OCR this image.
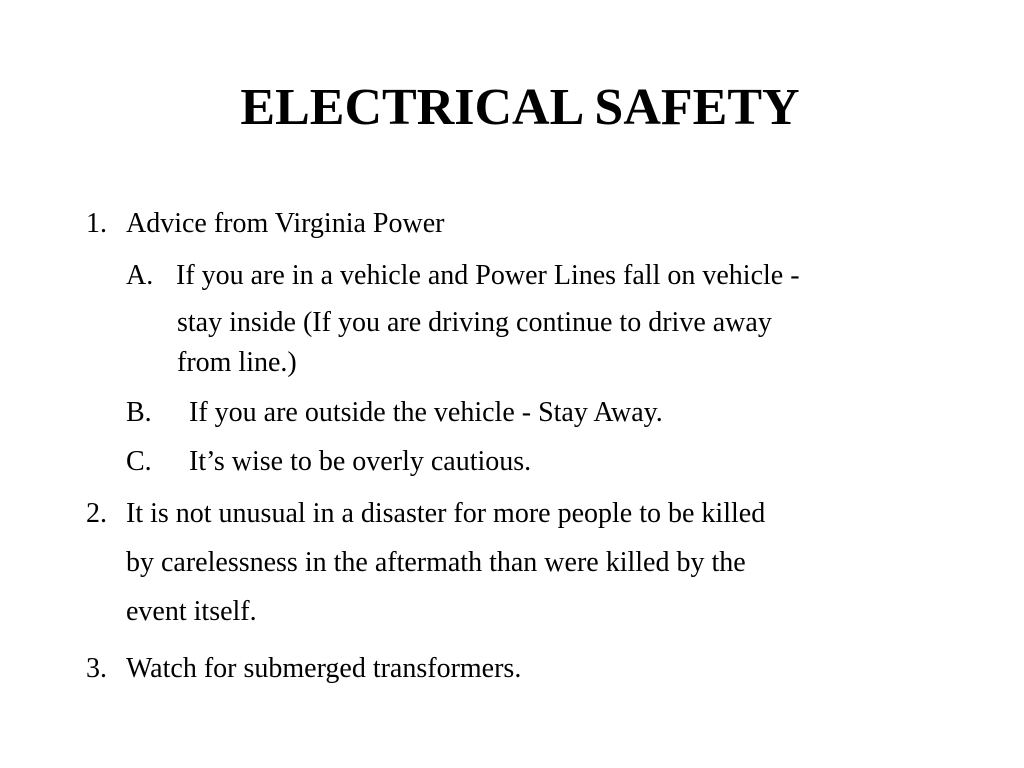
ELECTRICAL SAFETY
1. Advice from Virginia Power
A. If you are in a vehicle and Power Lines fall on vehicle -
stay inside (If you are driving continue to drive away
from line.)
B. If you are outside the vehicle - Stay Away.
C. It’s wise to be overly cautious.
2. It is not unusual in a disaster for more people to be killed
by carelessness in the aftermath than were killed by the
event itself.
3. Watch for submerged transformers.
